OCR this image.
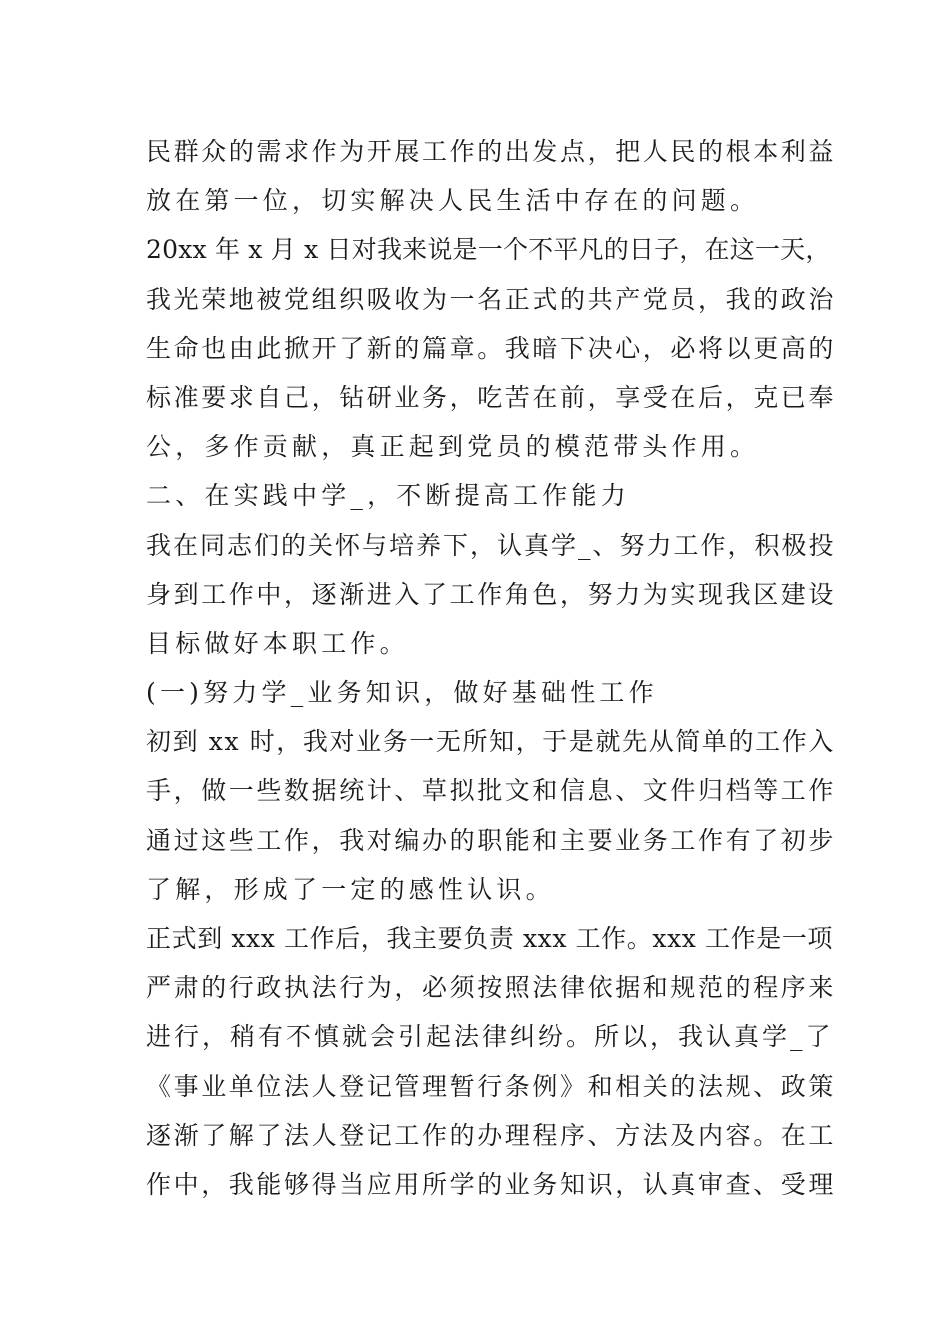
民群众的需求作为开展工作的出发点，把人民的根本利益
放在第一位，切实解决人民生活中存在的问题。
20xx 年 x 月 x 日对我来说是一个不平凡的日子，在这一天，
我光荣地被党组织吸收为一名正式的共产党员，我的政治
生命也由此掀开了新的篇章。我暗下决心，必将以更高的
标准要求自己，钻研业务，吃苦在前，享受在后，克已奉
公，多作贡献，真正起到党员的模范带头作用。
二、在实践中学_，不断提高工作能力
我在同志们的关怀与培养下，认真学_、努力工作，积极投
身到工作中，逐渐进入了工作角色，努力为实现我区建设
目标做好本职工作。
(一)努力学_业务知识，做好基础性工作
初到 xx 时，我对业务一无所知，于是就先从简单的工作入
手，做一些数据统计、草拟批文和信息、文件归档等工作
通过这些工作，我对编办的职能和主要业务工作有了初步
了解，形成了一定的感性认识。
正式到 xxx 工作后，我主要负责 xxx 工作。xxx 工作是一项
严肃的行政执法行为，必须按照法律依据和规范的程序来
进行，稍有不慎就会引起法律纠纷。所以，我认真学_了
《事业单位法人登记管理暂行条例》和相关的法规、政策
逐渐了解了法人登记工作的办理程序、方法及内容。在工
作中，我能够得当应用所学的业务知识，认真审查、受理
